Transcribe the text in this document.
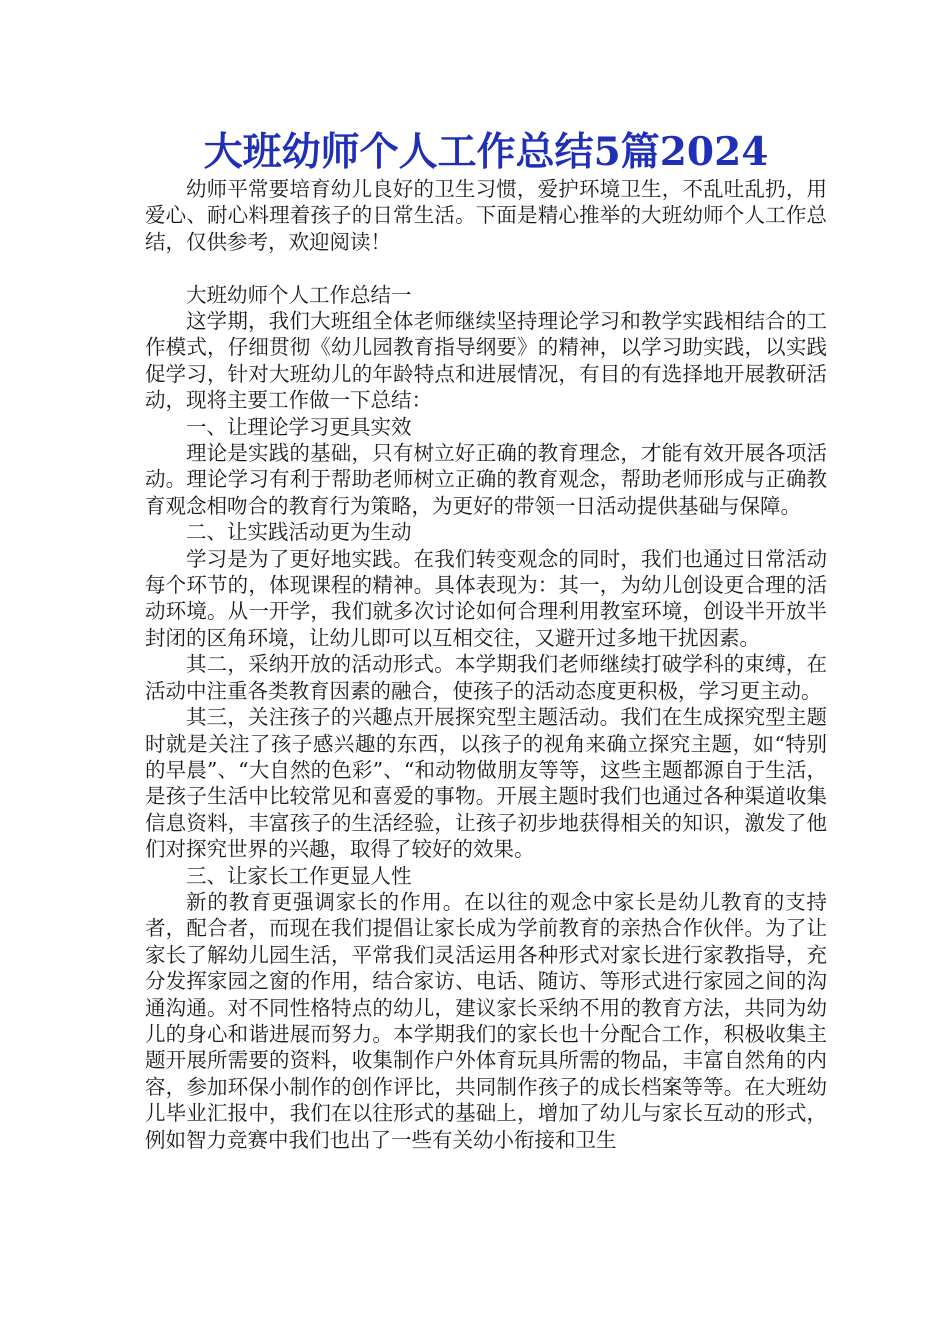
大班幼师个人工作总结5篇2024

幼师平常要培育幼儿良好的卫生习惯，爱护环境卫生，不乱吐乱扔，用爱心、耐心料理着孩子的日常生活。下面是精心推举的大班幼师个人工作总结，仅供参考，欢迎阅读！

大班幼师个人工作总结一

这学期，我们大班组全体老师继续坚持理论学习和教学实践相结合的工作模式，仔细贯彻《幼儿园教育指导纲要》的精神，以学习助实践，以实践促学习，针对大班幼儿的年龄特点和进展情况，有目的有选择地开展教研活动，现将主要工作做一下总结：

一、让理论学习更具实效

理论是实践的基础，只有树立好正确的教育理念，才能有效开展各项活动。理论学习有利于帮助老师树立正确的教育观念，帮助老师形成与正确教育观念相吻合的教育行为策略，为更好的带领一日活动提供基础与保障。

二、让实践活动更为生动

学习是为了更好地实践。在我们转变观念的同时，我们也通过日常活动每个环节的，体现课程的精神。具体表现为：其一，为幼儿创设更合理的活动环境。从一开学，我们就多次讨论如何合理利用教室环境，创设半开放半封闭的区角环境，让幼儿即可以互相交往，又避开过多地干扰因素。

其二，采纳开放的活动形式。本学期我们老师继续打破学科的束缚，在活动中注重各类教育因素的融合，使孩子的活动态度更积极，学习更主动。

其三，关注孩子的兴趣点开展探究型主题活动。我们在生成探究型主题时就是关注了孩子感兴趣的东西，以孩子的视角来确立探究主题，如“特别的早晨”、“大自然的色彩”、“和动物做朋友等等，这些主题都源自于生活，是孩子生活中比较常见和喜爱的事物。开展主题时我们也通过各种渠道收集信息资料，丰富孩子的生活经验，让孩子初步地获得相关的知识，激发了他们对探究世界的兴趣，取得了较好的效果。

三、让家长工作更显人性

新的教育更强调家长的作用。在以往的观念中家长是幼儿教育的支持者，配合者，而现在我们提倡让家长成为学前教育的亲热合作伙伴。为了让家长了解幼儿园生活，平常我们灵活运用各种形式对家长进行家教指导，充分发挥家园之窗的作用，结合家访、电话、随访、等形式进行家园之间的沟通沟通。对不同性格特点的幼儿，建议家长采纳不用的教育方法，共同为幼儿的身心和谐进展而努力。本学期我们的家长也十分配合工作，积极收集主题开展所需要的资料，收集制作户外体育玩具所需的物品，丰富自然角的内容，参加环保小制作的创作评比，共同制作孩子的成长档案等等。在大班幼儿毕业汇报中，我们在以往形式的基础上，增加了幼儿与家长互动的形式，例如智力竞赛中我们也出了一些有关幼小衔接和卫生
